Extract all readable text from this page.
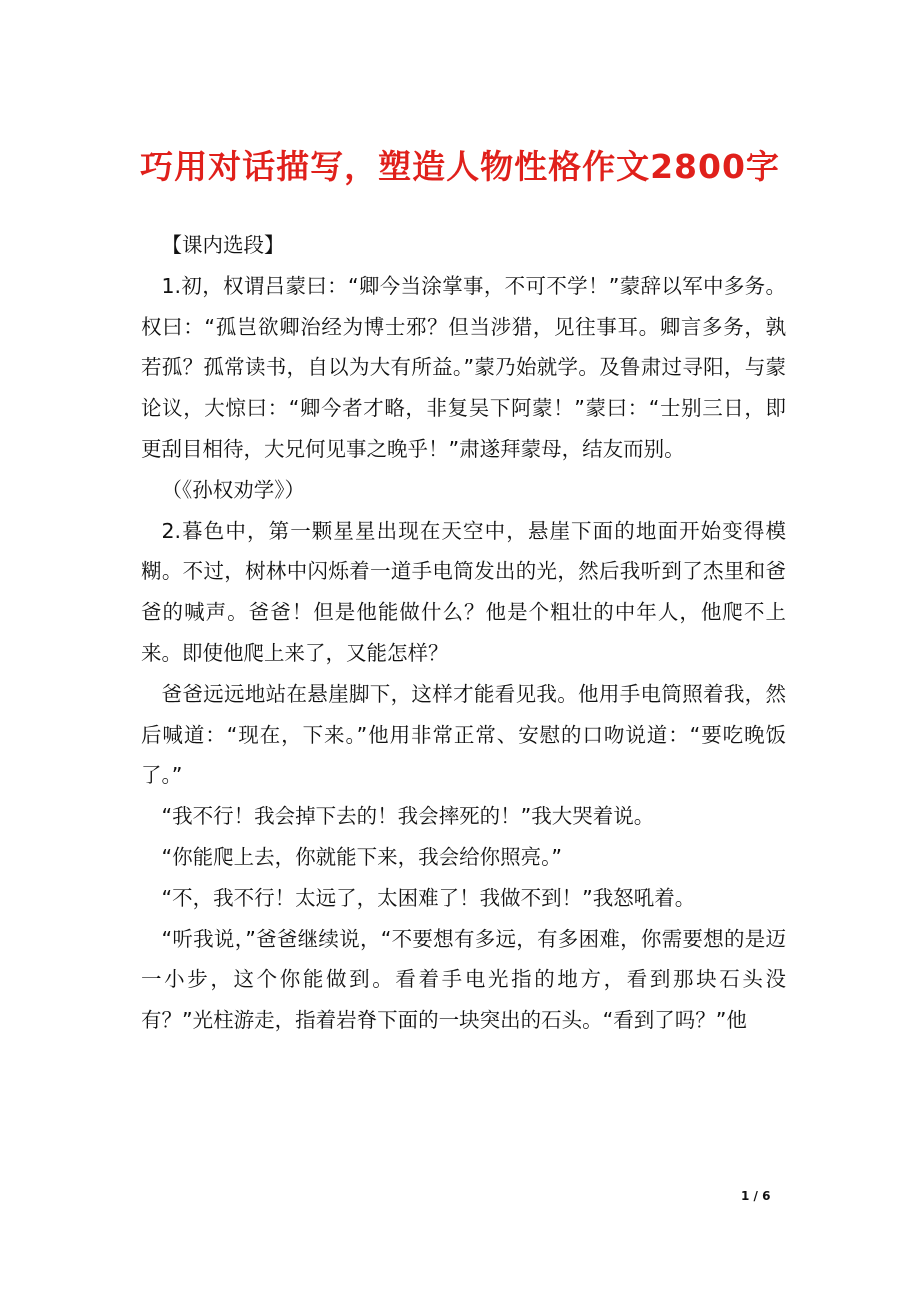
巧用对话描写，塑造人物性格作文2800字

【课内选段】

1.初，权谓吕蒙曰：“卿今当涂掌事，不可不学！”蒙辞以军中多务。权曰：“孤岂欲卿治经为博士邪？但当涉猎，见往事耳。卿言多务，孰若孤？孤常读书，自以为大有所益。”蒙乃始就学。及鲁肃过寻阳，与蒙论议，大惊曰：“卿今者才略，非复吴下阿蒙！”蒙曰：“士别三日，即更刮目相待，大兄何见事之晚乎！”肃遂拜蒙母，结友而别。

（《孙权劝学》）

2.暮色中，第一颗星星出现在天空中，悬崖下面的地面开始变得模糊。不过，树林中闪烁着一道手电筒发出的光，然后我听到了杰里和爸爸的喊声。爸爸！但是他能做什么？他是个粗壮的中年人，他爬不上来。即使他爬上来了，又能怎样？

爸爸远远地站在悬崖脚下，这样才能看见我。他用手电筒照着我，然后喊道：“现在，下来。”他用非常正常、安慰的口吻说道：“要吃晚饭了。”

“我不行！我会掉下去的！我会摔死的！”我大哭着说。

“你能爬上去，你就能下来，我会给你照亮。”

“不，我不行！太远了，太困难了！我做不到！”我怒吼着。

“听我说，”爸爸继续说，“不要想有多远，有多困难，你需要想的是迈一小步，这个你能做到。看着手电光指的地方，看到那块石头没有？”光柱游走，指着岩脊下面的一块突出的石头。“看到了吗？”他

1 / 6
